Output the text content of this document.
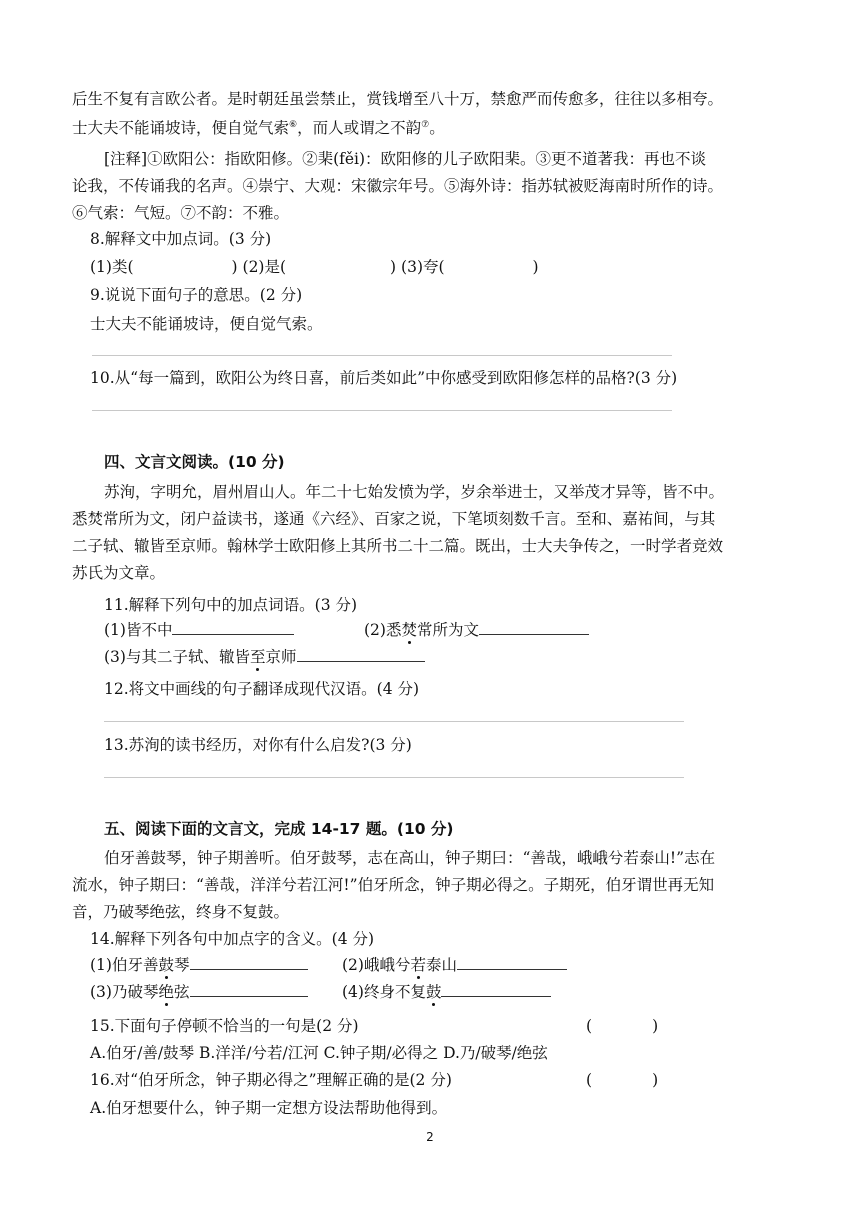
后生不复有言欧公者。是时朝廷虽尝禁止，赏钱增至八十万，禁愈严而传愈多，往往以多相夸。
士大夫不能诵坡诗，便自觉气索⑥，而人或谓之不韵⑦。
[注释]①欧阳公：指欧阳修。②棐(fěi)：欧阳修的儿子欧阳棐。③更不道著我：再也不谈
论我，不传诵我的名声。④崇宁、大观：宋徽宗年号。⑤海外诗：指苏轼被贬海南时所作的诗。
⑥气索：气短。⑦不韵：不雅。
8.解释文中加点词。(3 分)
(1)类(	) (2)是(	) (3)夸(	)
9.说说下面句子的意思。(2 分)
士大夫不能诵坡诗，便自觉气索。
10.从“每一篇到，欧阳公为终日喜，前后类如此”中你感受到欧阳修怎样的品格?(3 分)
四、文言文阅读。(10 分)
苏洵，字明允，眉州眉山人。年二十七始发愤为学，岁余举进士，又举茂才异等，皆不中。
悉焚常所为文，闭户益读书，遂通《六经》、百家之说，下笔顷刻数千言。至和、嘉祐间，与其
二子轼、辙皆至京师。翰林学士欧阳修上其所书二十二篇。既出，士大夫争传之，一时学者竞效
苏氏为文章。
11.解释下列句中的加点词语。(3 分)
(1)皆不中	(2)悉焚常所为文
(3)与其二子轼、辙皆至京师
12.将文中画线的句子翻译成现代汉语。(4 分)
13.苏洵的读书经历，对你有什么启发?(3 分)
五、阅读下面的文言文，完成 14-17 题。(10 分)
伯牙善鼓琴，钟子期善听。伯牙鼓琴，志在高山，钟子期曰：“善哉，峨峨兮若泰山!”志在
流水，钟子期曰：“善哉，洋洋兮若江河!”伯牙所念，钟子期必得之。子期死，伯牙谓世再无知
音，乃破琴绝弦，终身不复鼓。
14.解释下列各句中加点字的含义。(4 分)
(1)伯牙善鼓琴	(2)峨峨兮若泰山
(3)乃破琴绝弦	(4)终身不复鼓
15.下面句子停顿不恰当的一句是(2 分)	(	)
A.伯牙/善/鼓琴 B.洋洋/兮若/江河 C.钟子期/必得之 D.乃/破琴/绝弦
16.对“伯牙所念，钟子期必得之”理解正确的是(2 分)	(	)
A.伯牙想要什么，钟子期一定想方设法帮助他得到。
2
